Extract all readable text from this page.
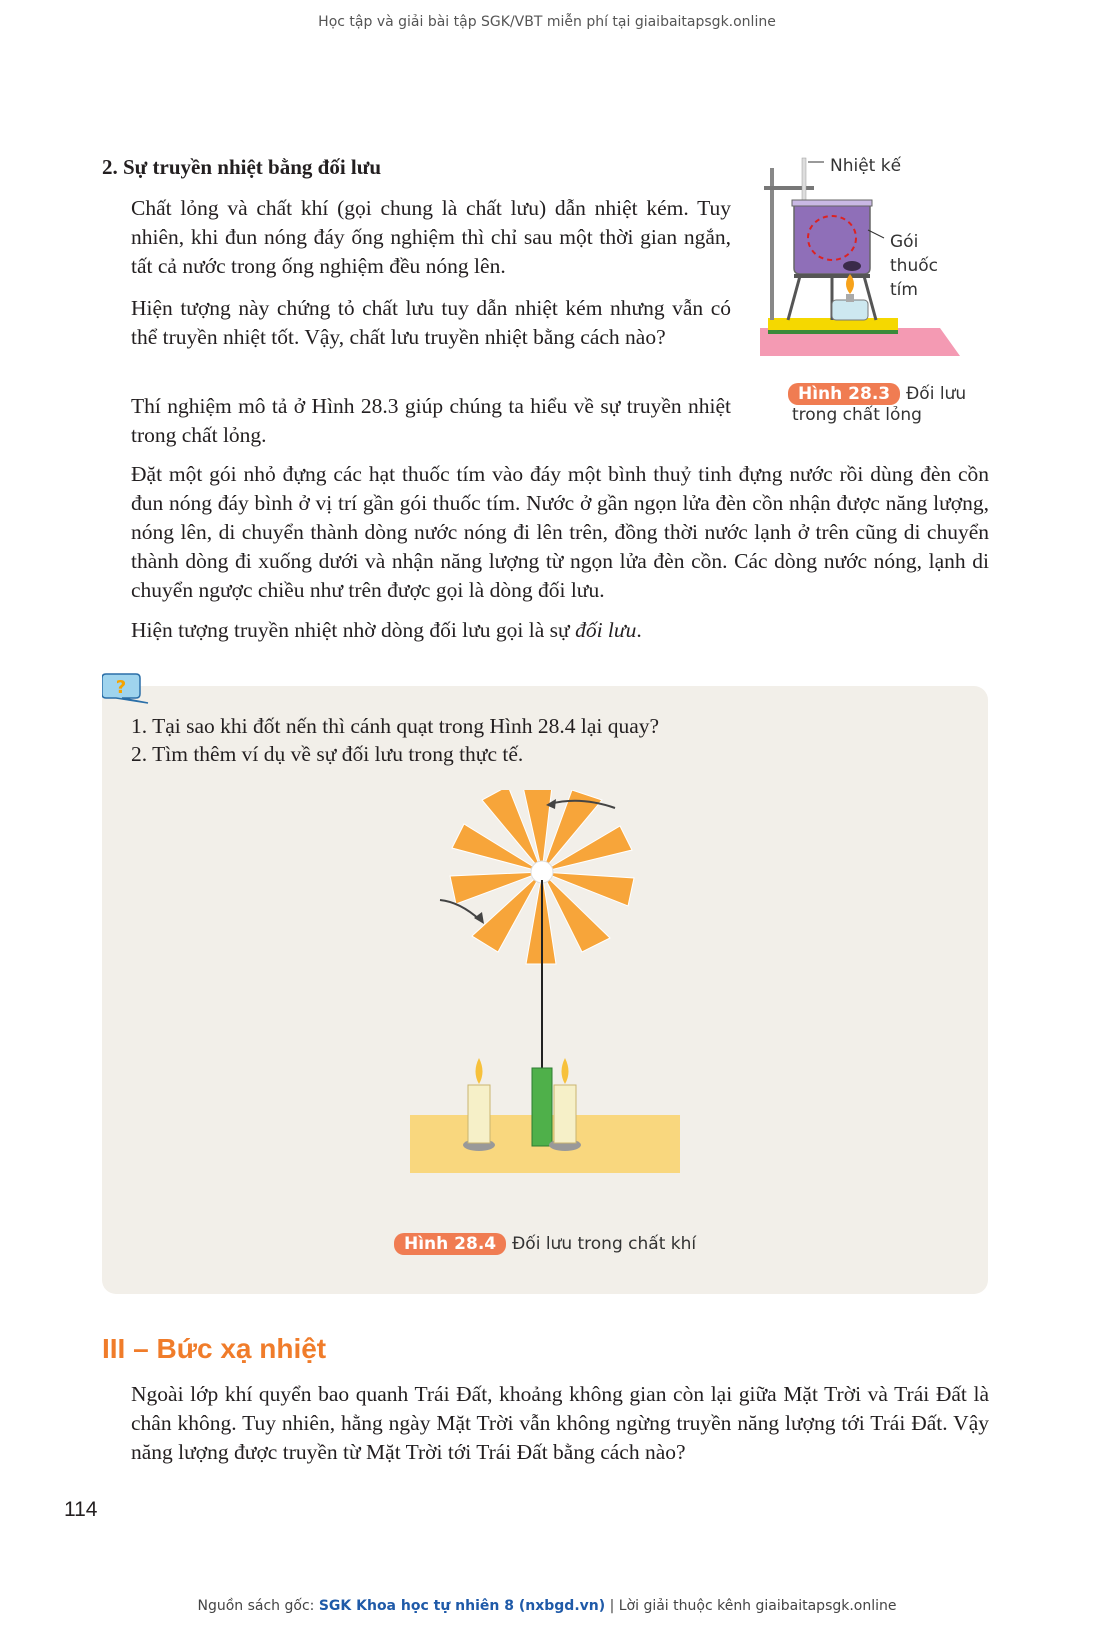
Học tập và giải bài tập SGK/VBT miễn phí tại giaibaitapsgk.online
2. Sự truyền nhiệt bằng đối lưu
Chất lỏng và chất khí (gọi chung là chất lưu) dẫn nhiệt kém. Tuy nhiên, khi đun nóng đáy ống nghiệm thì chỉ sau một thời gian ngắn, tất cả nước trong ống nghiệm đều nóng lên.
Hiện tượng này chứng tỏ chất lưu tuy dẫn nhiệt kém nhưng vẫn có thể truyền nhiệt tốt. Vậy, chất lưu truyền nhiệt bằng cách nào?
Thí nghiệm mô tả ở Hình 28.3 giúp chúng ta hiểu về sự truyền nhiệt trong chất lỏng.
Nhiệt kế
Gói
thuốc
tím
Hình 28.3 Đối lưu
trong chất lỏng
Đặt một gói nhỏ đựng các hạt thuốc tím vào đáy một bình thuỷ tinh đựng nước rồi dùng đèn cồn đun nóng đáy bình ở vị trí gần gói thuốc tím. Nước ở gần ngọn lửa đèn cồn nhận được năng lượng, nóng lên, di chuyển thành dòng nước nóng đi lên trên, đồng thời nước lạnh ở trên cũng di chuyển thành dòng đi xuống dưới và nhận năng lượng từ ngọn lửa đèn cồn. Các dòng nước nóng, lạnh di chuyển ngược chiều như trên được gọi là dòng đối lưu.
Hiện tượng truyền nhiệt nhờ dòng đối lưu gọi là sự đối lưu.
?
1. Tại sao khi đốt nến thì cánh quạt trong Hình 28.4 lại quay?
2. Tìm thêm ví dụ về sự đối lưu trong thực tế.
Hình 28.4 Đối lưu trong chất khí
III – Bức xạ nhiệt
Ngoài lớp khí quyển bao quanh Trái Đất, khoảng không gian còn lại giữa Mặt Trời và Trái Đất là chân không. Tuy nhiên, hằng ngày Mặt Trời vẫn không ngừng truyền năng lượng tới Trái Đất. Vậy năng lượng được truyền từ Mặt Trời tới Trái Đất bằng cách nào?
114
Nguồn sách gốc: SGK Khoa học tự nhiên 8 (nxbgd.vn) | Lời giải thuộc kênh giaibaitapsgk.online
